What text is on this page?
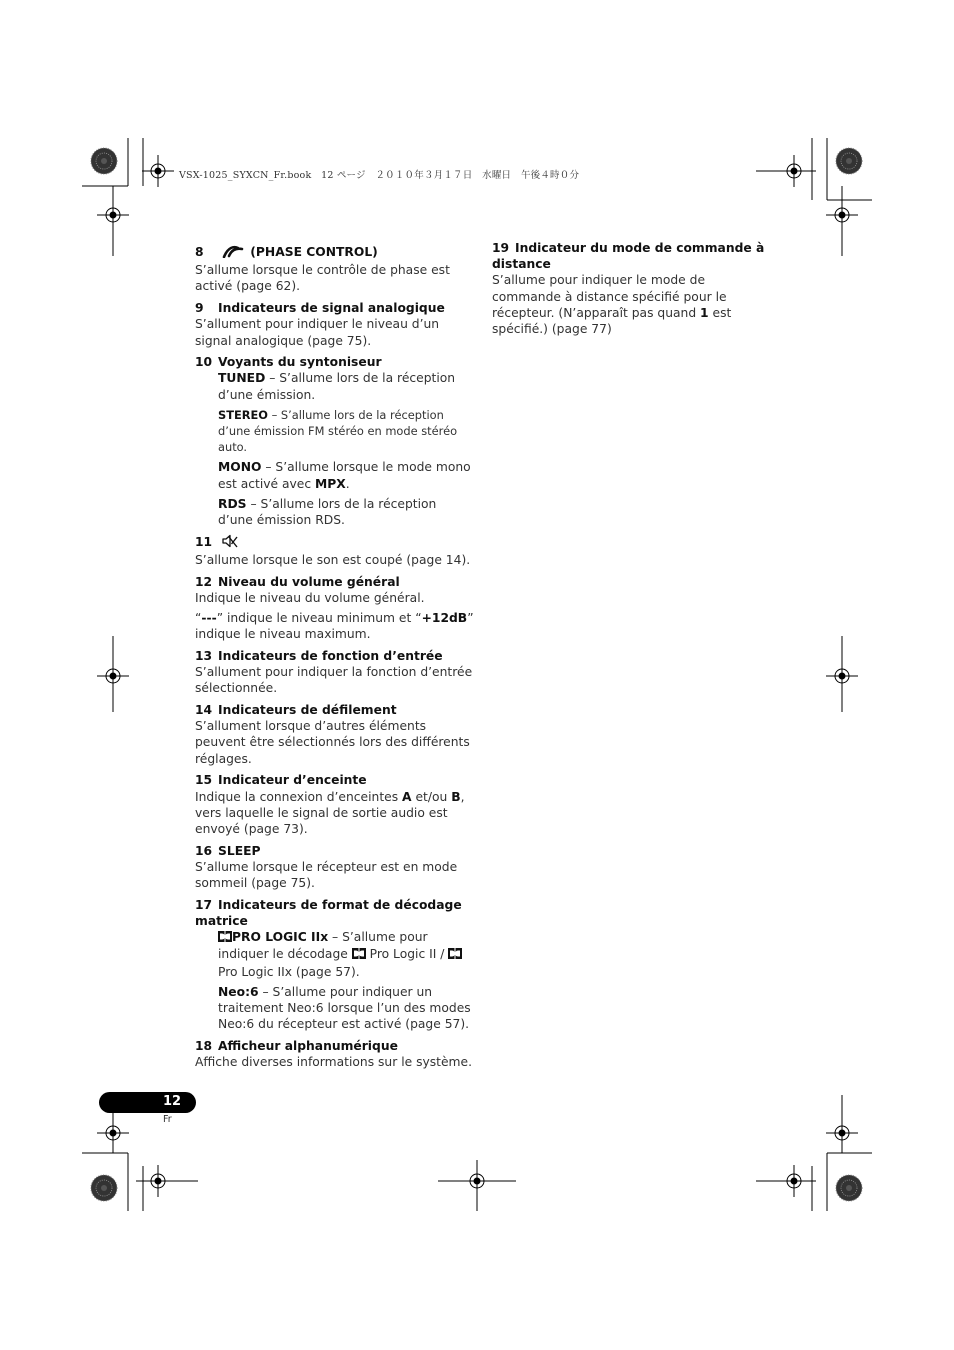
VSX-1025_SYXCN_Fr.book　12 ページ　２０１０年３月１７日　水曜日　午後４時０分
8	(PHASE CONTROL)
S’allume lorsque le contrôle de phase est activé (page 62).
9 Indicateurs de signal analogique
S’allument pour indiquer le niveau d’un signal analogique (page 75).
10 Voyants du syntoniseur
TUNED – S’allume lors de la réception d’une émission.
STEREO – S’allume lors de la réception d’une émission FM stéréo en mode stéréo auto.
MONO – S’allume lorsque le mode mono est activé avec MPX.
RDS – S’allume lors de la réception d’une émission RDS.
11
S’allume lorsque le son est coupé (page 14).
12 Niveau du volume général
Indique le niveau du volume général.
“---” indique le niveau minimum et “+12dB” indique le niveau maximum.
13 Indicateurs de fonction d’entrée
S’allument pour indiquer la fonction d’entrée sélectionnée.
14 Indicateurs de défilement
S’allument lorsque d’autres éléments peuvent être sélectionnés lors des différents réglages.
15 Indicateur d’enceinte
Indique la connexion d’enceintes A et/ou B, vers laquelle le signal de sortie audio est envoyé (page 73).
16 SLEEP
S’allume lorsque le récepteur est en mode sommeil (page 75).
17 Indicateurs de format de décodage matrice
PRO LOGIC IIx – S’allume pour indiquer le décodage  Pro Logic II /  Pro Logic IIx (page 57).
Neo:6 – S’allume pour indiquer un traitement Neo:6 lorsque l’un des modes Neo:6 du récepteur est activé (page 57).
18 Afficheur alphanumérique
Affiche diverses informations sur le système.
19 Indicateur du mode de commande à distance
S’allume pour indiquer le mode de commande à distance spécifié pour le récepteur. (N’apparaît pas quand 1 est spécifié.) (page 77)
12
Fr
